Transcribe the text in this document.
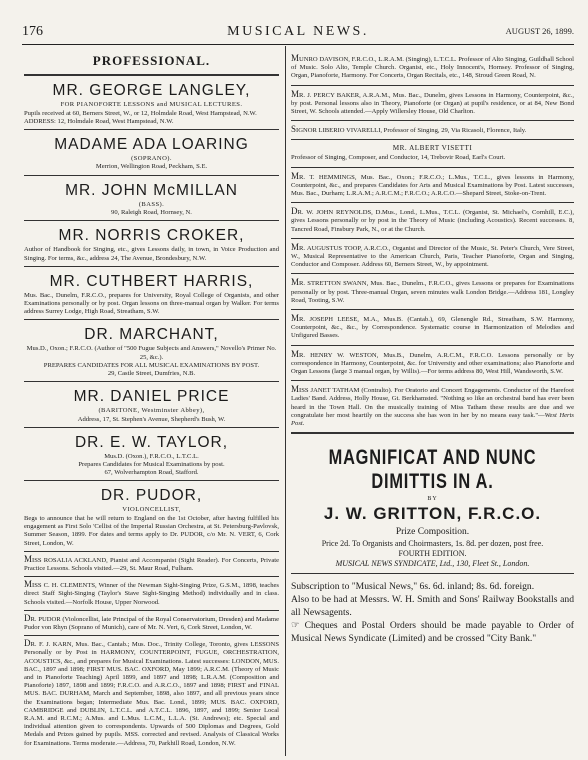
176	MUSICAL NEWS.	AUGUST 26, 1899.
PROFESSIONAL.
MR. GEORGE LANGLEY,
FOR PIANOFORTE LESSONS and MUSICAL LECTURES.
Pupils received at 60, Berners Street, W., or 12, Holmdale Road, West Hampstead, N.W.
ADDRESS: 12, Holmdale Road, West Hampstead, N.W.
MADAME ADA LOARING
(SOPRANO).
Merrion, Wellington Road, Peckham, S.E.
MR. JOHN McMILLAN
(BASS).
90, Raleigh Road, Hornsey, N.
MR. NORRIS CROKER,
Author of Handbook for Singing, etc., gives Lessons daily, in town, in Voice Production and Singing. For terms, &c., address 24, The Avenue, Brondesbury, N.W.
MR. CUTHBERT HARRIS,
Mus. Bac., Dunelm, F.R.C.O., prepares for University, Royal College of Organists, and other Examinations personally or by post. Organ lessons on three-manual organ by Walker. For terms address Surrey Lodge, High Road, Streatham, S.W.
DR. MARCHANT,
Mus.D., Oxon.; F.R.C.O. (Author of "500 Fugue Subjects and Answers," Novello's Primer No. 25, &c.).
PREPARES CANDIDATES FOR ALL MUSICAL EXAMINATIONS BY POST.
29, Castle Street, Dumfries, N.B.
MR. DANIEL PRICE
(BARITONE, Westminster Abbey),
Address, 17, St. Stephen's Avenue, Shepherd's Bush, W.
DR. E. W. TAYLOR,
Mus.D. (Oxon.), F.R.C.O., L.T.C.L.
Prepares Candidates for Musical Examinations by post.
67, Wolverhampton Road, Stafford.
DR. PUDOR,
VIOLONCELLIST,
Begs to announce that he will return to England on the 1st October, after having fulfilled his engagement as First Solo 'Cellist of the Imperial Russian Orchestra, at St. Petersburg-Pavlovsk, Summer Season, 1899. For dates and terms apply to Dr. PUDOR, c/o Mr. N. VERT, 6, Cork Street, London, W.
MISS ROSALIA ACKLAND, Pianist and Accompanist (Sight Reader). For Concerts, Private Practice Lessons. Schools visited.—29, St. Maur Road, Fulham.
MISS C. H. CLEMENTS, Winner of the Newman Sight-Singing Prize, G.S.M., 1898, teaches direct Staff Sight-Singing (Taylor's Stave Sight-Singing Method) individually and in class. Schools visited.—Norfolk House, Upper Norwood.
DR. PUDOR (Violoncellist, late Principal of the Royal Conservatorium, Dresden) and Madame Pudor von Rhyn (Soprano of Munich), care of Mr. N. Vert, 6, Cork Street, London, W.
DR. F. J. KARN, Mus. Bac., Cantab.; Mus. Doc., Trinity College, Toronto, gives LESSONS Personally or by Post in HARMONY, COUNTERPOINT, FUGUE, ORCHESTRATION, ACOUSTICS, &c., and prepares for Musical Examinations. Latest successes: LONDON, MUS. BAC., 1897 and 1898; FIRST MUS. BAC. OXFORD, May 1899; A.R.C.M. (Theory of Music and in Pianoforte Teaching) April 1899, and 1897 and 1898; L.R.A.M. (Composition and Pianoforte) 1897, 1898 and 1899; F.R.C.O. and A.R.C.O., 1897 and 1898; FIRST and FINAL MUS. BAC. DURHAM, March and September, 1898, also 1897, and all previous years since the Examinations began; Intermediate Mus. Bac. Lond., 1899; MUS. BAC. OXFORD, CAMBRIDGE and DUBLIN, L.T.C.L. and A.T.C.L. 1896, 1897, and 1899; Senior Local R.A.M. and R.C.M.; A.Mus. and L.Mus. L.C.M., L.L.A. (St. Andrews); etc. Special and individual attention given to correspondents. Upwards of 500 Diplomas and Degrees, Gold Medals and Prizes gained by pupils. MSS. corrected and revised. Analysis of Classical Works for Examinations. Terms moderate.—Address, 70, Parkhill Road, London, N.W.
MUNRO DAVISON, F.R.C.O., L.R.A.M. (Singing), L.T.C.L. Professor of Alto Singing, Guildhall School of Music. Solo Alto, Temple Church. Organist, etc., Holy Innocent's, Hornsey. Professor of Singing, Organ, Pianoforte, Harmony. For Concerts, Organ Recitals, etc., 148, Stroud Green Road, N.
MR. J. PERCY BAKER, A.R.A.M., Mus. Bac., Dunelm, gives Lessons in Harmony, Counterpoint, &c., by post. Personal lessons also in Theory, Pianoforte (or Organ) at pupil's residence, or at 84, New Bond Street, W. Schools attended.—Apply Willersley House, Old Charlton.
SIGNOR LIBERIO VIVARELLI, Professor of Singing, 29, Via Ricasoli, Florence, Italy.
MR. ALBERT VISETTI
Professor of Singing, Composer, and Conductor, 14, Trebovir Road, Earl's Court.
MR. T. HEMMINGS, Mus. Bac., Oxon.; F.R.C.O.; L.Mus., T.C.L., gives lessons in Harmony, Counterpoint, &c., and prepares Candidates for Arts and Musical Examinations by Post. Latest successes, Mus. Bac., Durham; L.R.A.M.; A.R.C.M.; F.R.C.O.; A.R.C.O.—Shepard Street, Stoke-on-Trent.
DR. W. JOHN REYNOLDS, D.Mus., Lond., L.Mus., T.C.L. (Organist, St. Michael's, Cornhill, E.C.), gives Lessons personally or by post in the Theory of Music (including Acoustics). Recent successes. 8, Tancred Road, Finsbury Park, N., or at the Church.
MR. AUGUSTUS TOOP, A.R.C.O., Organist and Director of the Music, St. Peter's Church, Vere Street, W., Musical Representative to the American Church, Paris, Teacher Pianoforte, Organ and Singing, Conductor and Composer. Address 60, Berners Street, W., by appointment.
MR. STRETTON SWANN, Mus. Bac., Dunelm., F.R.C.O., gives Lessons or prepares for Examinations personally or by post. Three-manual Organ, seven minutes walk London Bridge.—Address 181, Longley Road, Tooting, S.W.
MR. JOSEPH LEESE, M.A., Mus.B. (Cantab.), 69, Glenengle Rd., Streatham, S.W. Harmony, Counterpoint, &c., &c., by Correspondence. Systematic course in Harmonization of Melodies and Unfigured Basses.
MR. HENRY W. WESTON, Mus.B., Dunelm, A.R.C.M., F.R.C.O. Lessons personally or by correspondence in Harmony, Counterpoint, &c. for University and other examinations; also Pianoforte and Organ Lessons (large 3 manual organ, by Willis).—For terms address 80, West Hill, Wandsworth, S.W.
MISS JANET TATHAM (Contralto). For Oratorio and Concert Engagements. Conductor of the Harefoot Ladies' Band. Address, Holly House, Gt. Berkhamsted. "Nothing so like an orchestral band has ever been heard in the Town Hall. On the musically training of Miss Tatham these results are due and we congratulate her most heartily on the success she has won in her by no means easy task."—West Herts Post.
MAGNIFICAT AND NUNC
DIMITTIS IN A.
BY
J. W. GRITTON, F.R.C.O.
Prize Composition.
Price 2d. To Organists and Choirmasters, 1s. 8d. per dozen, post free.
FOURTH EDITION.
MUSICAL NEWS SYNDICATE, Ltd., 130, Fleet St., London.
Subscription to "Musical News," 6s. 6d. inland; 8s. 6d. foreign.
Also to be had at Messrs. W. H. Smith and Sons' Railway Bookstalls and all Newsagents.
☞ Cheques and Postal Orders should be made payable to Order of Musical News Syndicate (Limited) and be crossed "City Bank."
